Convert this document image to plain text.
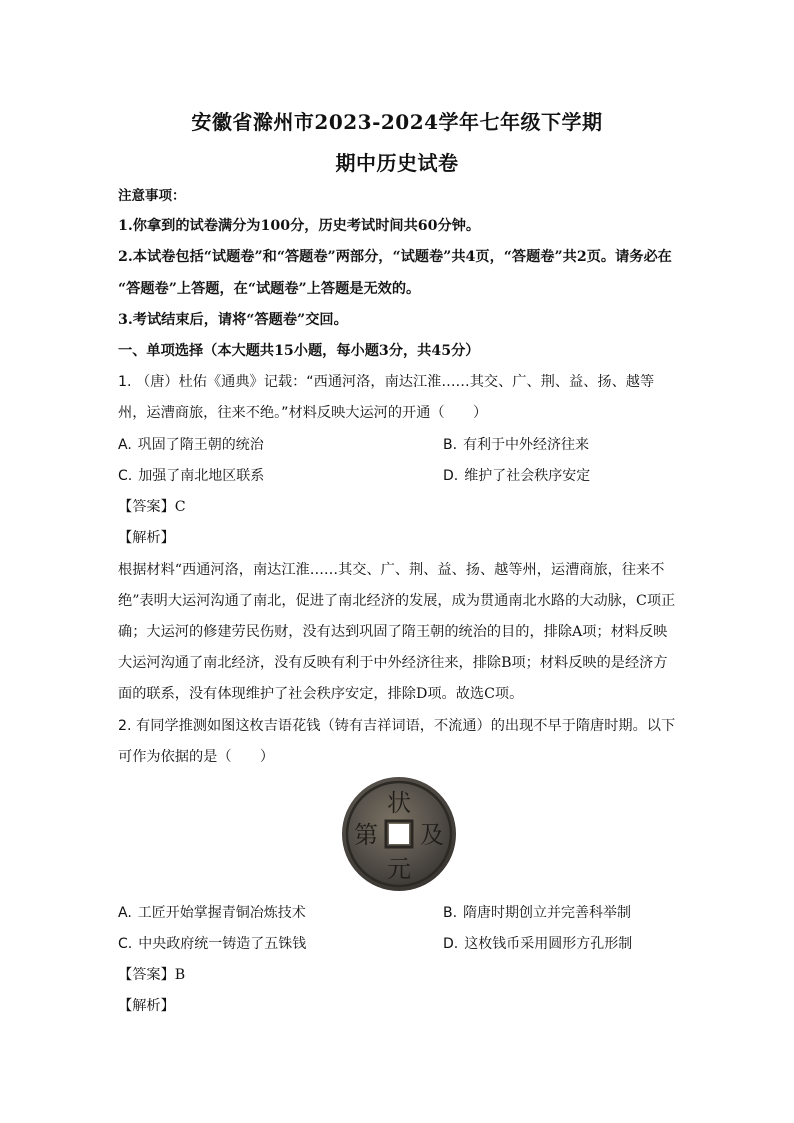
安徽省滁州市2023-2024学年七年级下学期
期中历史试卷
注意事项：
1.你拿到的试卷满分为100分，历史考试时间共60分钟。
2.本试卷包括“试题卷”和“答题卷”两部分，“试题卷”共4页，“答题卷”共2页。请务必在
“答题卷”上答题，在“试题卷”上答题是无效的。
3.考试结束后，请将“答题卷”交回。
一、单项选择（本大题共15小题，每小题3分，共45分）
1. （唐）杜佑《通典》记载：“西通河洛，南达江淮……其交、广、荆、益、扬、越等
州，运漕商旅，往来不绝。”材料反映大运河的开通（　　）
A. 巩固了隋王朝的统治	B. 有利于中外经济往来
C. 加强了南北地区联系	D. 维护了社会秩序安定
【答案】C
【解析】
根据材料“西通河洛，南达江淮……其交、广、荆、益、扬、越等州，运漕商旅，往来不
绝”表明大运河沟通了南北，促进了南北经济的发展，成为贯通南北水路的大动脉，C项正
确；大运河的修建劳民伤财，没有达到巩固了隋王朝的统治的目的，排除A项；材料反映
大运河沟通了南北经济，没有反映有利于中外经济往来，排除B项；材料反映的是经济方
面的联系，没有体现维护了社会秩序安定，排除D项。故选C项。
2. 有同学推测如图这枚吉语花钱（铸有吉祥词语，不流通）的出现不早于隋唐时期。以下
可作为依据的是（　　）
状
及
元
第
A. 工匠开始掌握青铜冶炼技术	B. 隋唐时期创立并完善科举制
C. 中央政府统一铸造了五铢钱	D. 这枚钱币采用圆形方孔形制
【答案】B
【解析】
